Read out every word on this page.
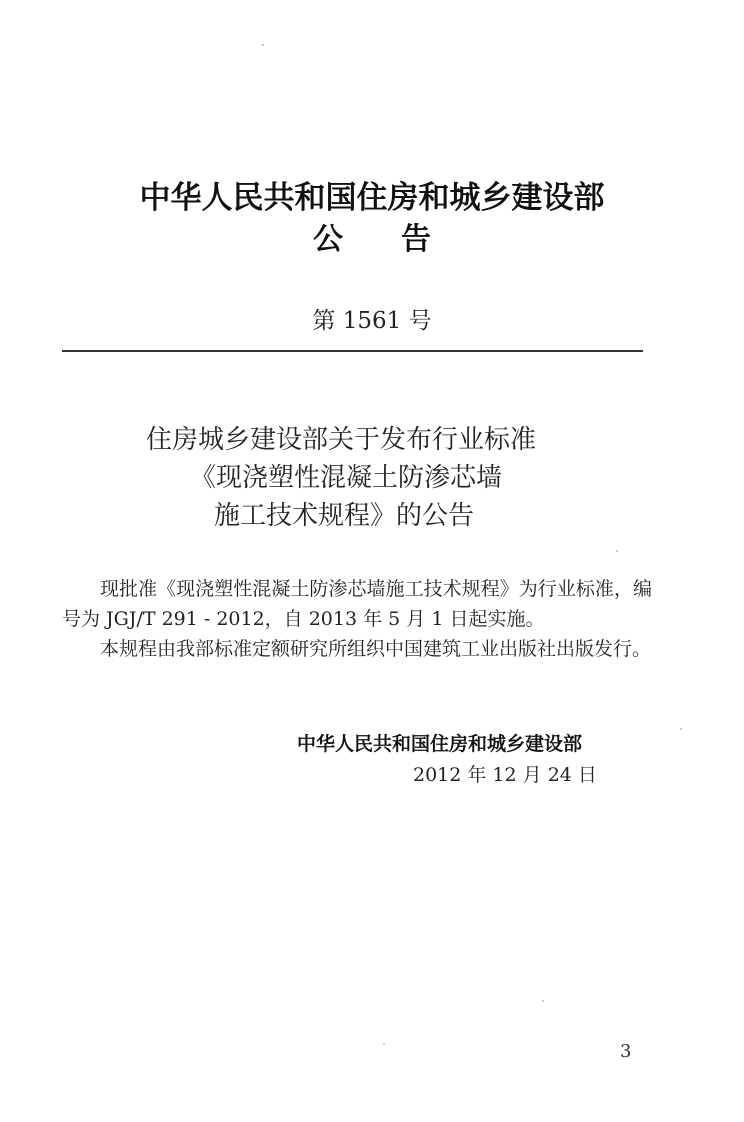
中华人民共和国住房和城乡建设部
公 告
第 1561 号
住房城乡建设部关于发布行业标准
《现浇塑性混凝土防渗芯墙
施工技术规程》的公告

现批准《现浇塑性混凝土防渗芯墙施工技术规程》为行业标准，编号为 JGJ/T 291 - 2012，自 2013 年 5 月 1 日起实施。

本规程由我部标准定额研究所组织中国建筑工业出版社出版发行。

中华人民共和国住房和城乡建设部
2012 年 12 月 24 日
3
